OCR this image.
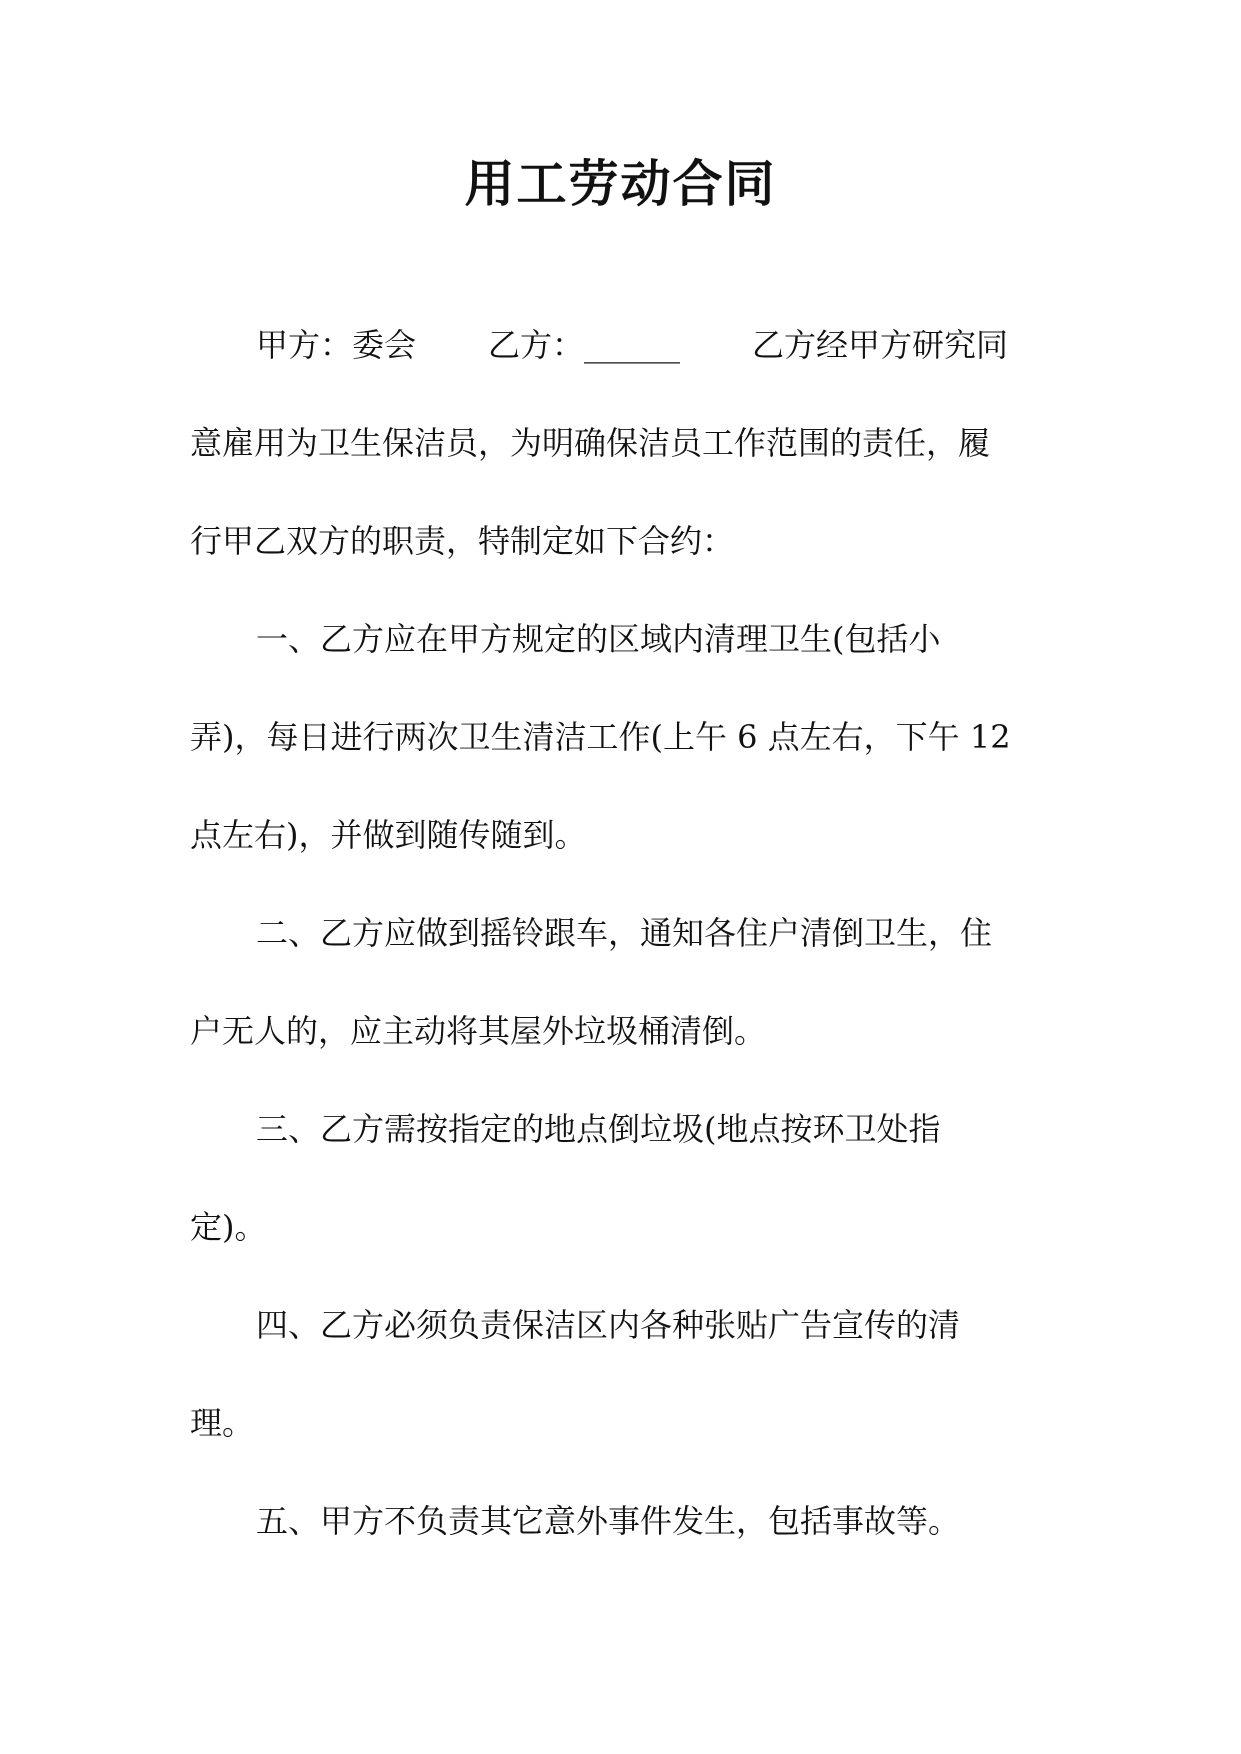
用工劳动合同
甲方：委会 乙方：______ 乙方经甲方研究同
意雇用为卫生保洁员，为明确保洁员工作范围的责任，履
行甲乙双方的职责，特制定如下合约：
一、乙方应在甲方规定的区域内清理卫生(包括小
弄)，每日进行两次卫生清洁工作(上午 6 点左右，下午 12
点左右)，并做到随传随到。
二、乙方应做到摇铃跟车，通知各住户清倒卫生，住
户无人的，应主动将其屋外垃圾桶清倒。
三、乙方需按指定的地点倒垃圾(地点按环卫处指
定)。
四、乙方必须负责保洁区内各种张贴广告宣传的清
理。
五、甲方不负责其它意外事件发生，包括事故等。
